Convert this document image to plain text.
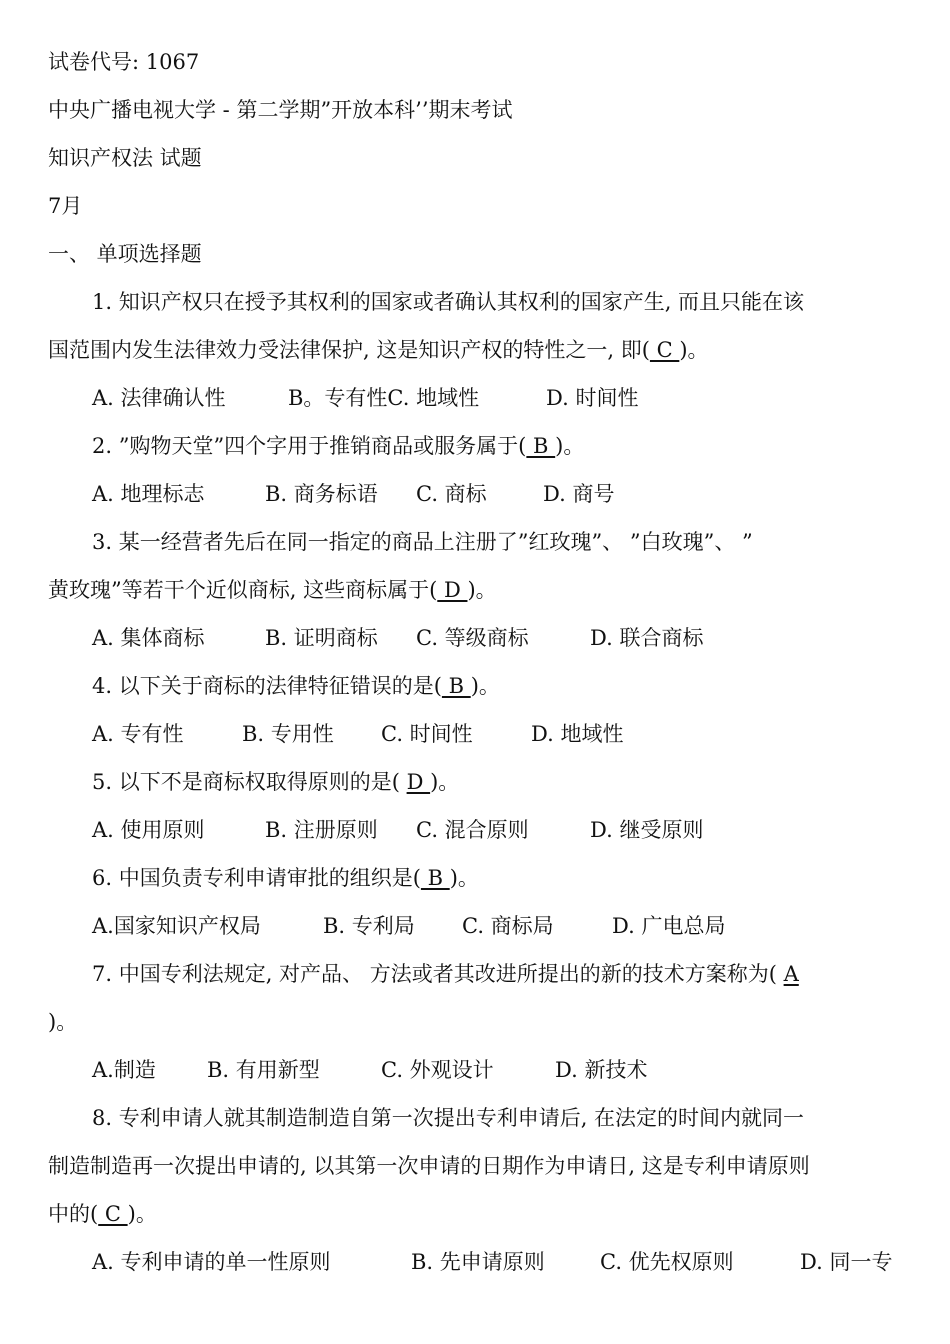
试卷代号: 1067
中央广播电视大学 - 第二学期”开放本科’’期末考试
知识产权法 试题
7月
一、 单项选择题
1. 知识产权只在授予其权利的国家或者确认其权利的国家产生, 而且只能在该
国范围内发生法律效力受法律保护, 这是知识产权的特性之一, 即( C )。
A. 法律确认性	B。专有性C. 地域性	D. 时间性
2. ”购物天堂”四个字用于推销商品或服务属于( B )。
A. 地理标志	B. 商务标语 C. 商标	D. 商号
3. 某一经营者先后在同一指定的商品上注册了”红玫瑰”、 ”白玫瑰”、 ”
黄玫瑰”等若干个近似商标, 这些商标属于( D )。
A. 集体商标	B. 证明商标 C. 等级商标	D. 联合商标
4. 以下关于商标的法律特征错误的是( B )。
A. 专有性	B. 专用性 C. 时间性	D. 地域性
5. 以下不是商标权取得原则的是( D )。
A. 使用原则	B. 注册原则 C. 混合原则	D. 继受原则
6. 中国负责专利申请审批的组织是( B )。
A.国家知识产权局	B. 专利局 C. 商标局	D. 广电总局
7. 中国专利法规定, 对产品、 方法或者其改进所提出的新的技术方案称为( A
)。
A.制造 B. 有用新型	C. 外观设计	D. 新技术
8. 专利申请人就其制造制造自第一次提出专利申请后, 在法定的时间内就同一
制造制造再一次提出申请的, 以其第一次申请的日期作为申请日, 这是专利申请原则
中的( C )。
A. 专利申请的单一性原则	B. 先申请原则	C. 优先权原则	D. 同一专
